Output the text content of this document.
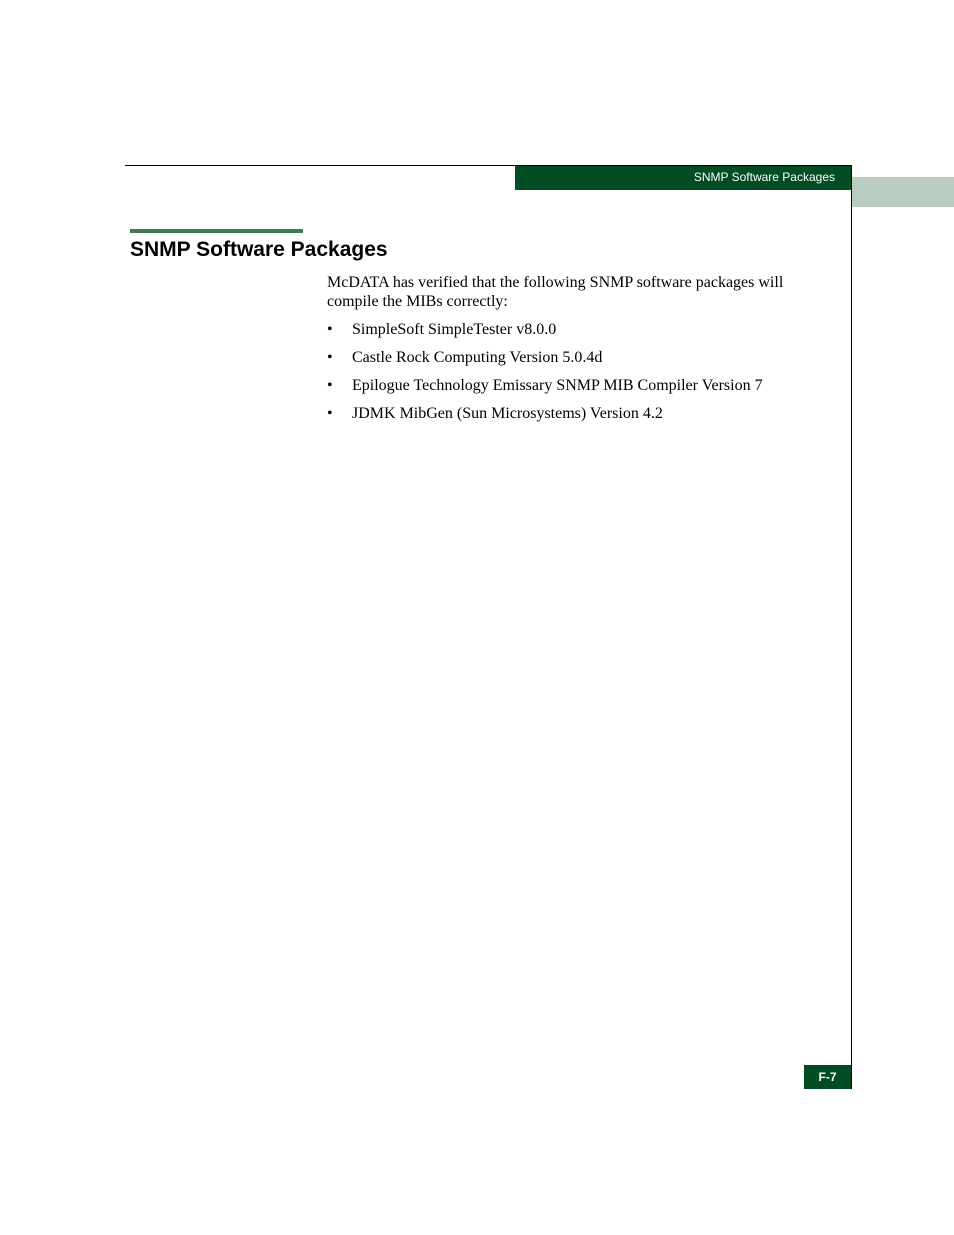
SNMP Software Packages
SNMP Software Packages

McDATA has verified that the following SNMP software packages will compile the MIBs correctly:

• SimpleSoft SimpleTester v8.0.0
• Castle Rock Computing Version 5.0.4d
• Epilogue Technology Emissary SNMP MIB Compiler Version 7
• JDMK MibGen (Sun Microsystems) Version 4.2
F-7
